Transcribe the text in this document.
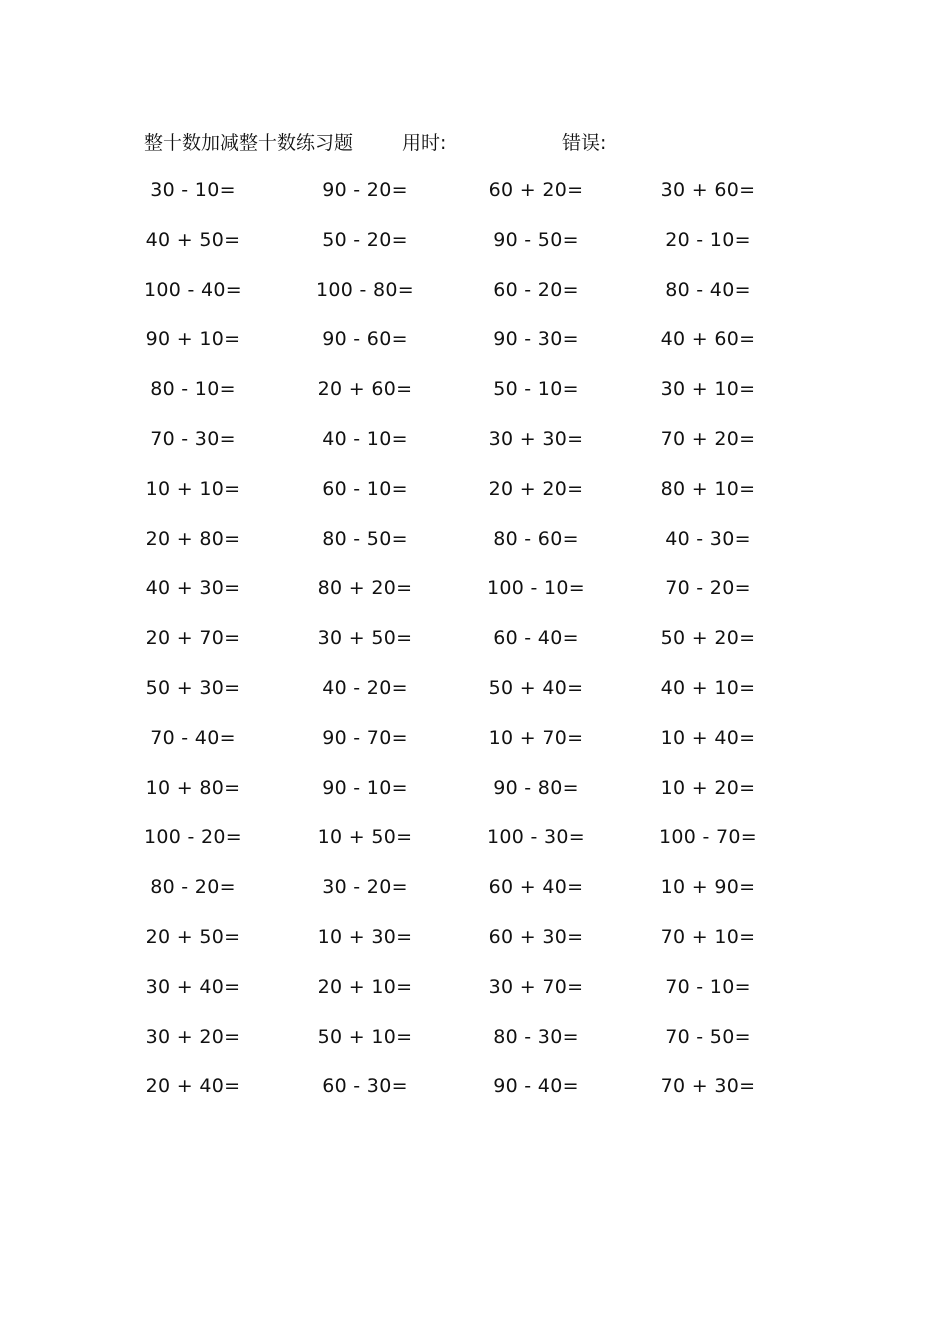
整十数加减整十数练习题	用时:	错误:
30 - 10=	90 - 20=	60 + 20=	30 + 60=
40 + 50=	50 - 20=	90 - 50=	20 - 10=
100 - 40=	100 - 80=	60 - 20=	80 - 40=
90 + 10=	90 - 60=	90 - 30=	40 + 60=
80 - 10=	20 + 60=	50 - 10=	30 + 10=
70 - 30=	40 - 10=	30 + 30=	70 + 20=
10 + 10=	60 - 10=	20 + 20=	80 + 10=
20 + 80=	80 - 50=	80 - 60=	40 - 30=
40 + 30=	80 + 20=	100 - 10=	70 - 20=
20 + 70=	30 + 50=	60 - 40=	50 + 20=
50 + 30=	40 - 20=	50 + 40=	40 + 10=
70 - 40=	90 - 70=	10 + 70=	10 + 40=
10 + 80=	90 - 10=	90 - 80=	10 + 20=
100 - 20=	10 + 50=	100 - 30=	100 - 70=
80 - 20=	30 - 20=	60 + 40=	10 + 90=
20 + 50=	10 + 30=	60 + 30=	70 + 10=
30 + 40=	20 + 10=	30 + 70=	70 - 10=
30 + 20=	50 + 10=	80 - 30=	70 - 50=
20 + 40=	60 - 30=	90 - 40=	70 + 30=
